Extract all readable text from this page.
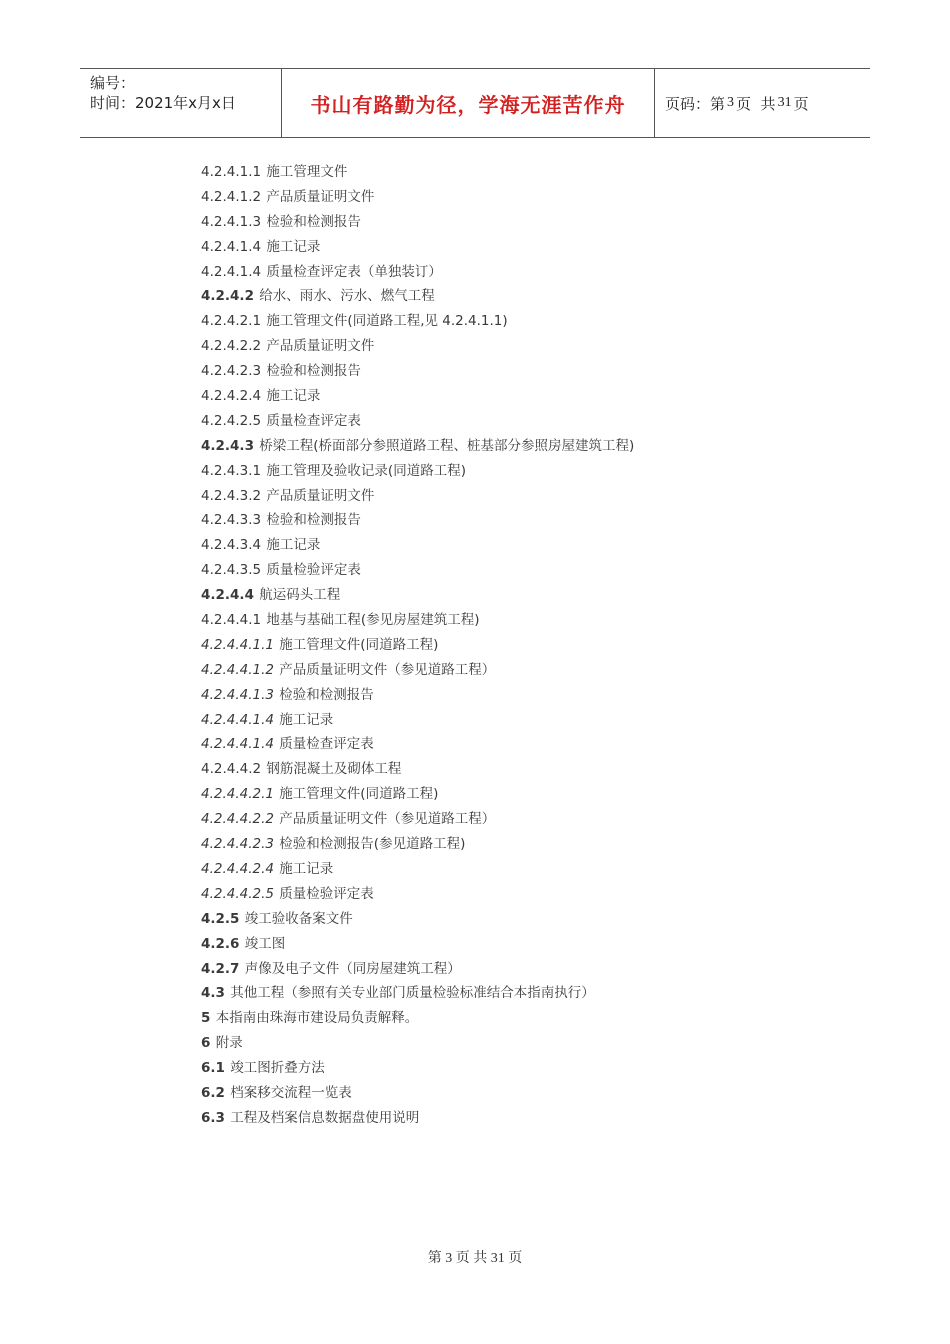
编号：
时间：2021年x月x日	书山有路勤为径，学海无涯苦作舟	页码：第 3 页  共 31 页
4.2.4.1.1 施工管理文件
4.2.4.1.2 产品质量证明文件
4.2.4.1.3 检验和检测报告
4.2.4.1.4 施工记录
4.2.4.1.4 质量检查评定表（单独装订）
4.2.4.2 给水、雨水、污水、燃气工程
4.2.4.2.1 施工管理文件(同道路工程,见 4.2.4.1.1)
4.2.4.2.2 产品质量证明文件
4.2.4.2.3 检验和检测报告
4.2.4.2.4 施工记录
4.2.4.2.5 质量检查评定表
4.2.4.3 桥梁工程(桥面部分参照道路工程、桩基部分参照房屋建筑工程)
4.2.4.3.1 施工管理及验收记录(同道路工程)
4.2.4.3.2 产品质量证明文件
4.2.4.3.3 检验和检测报告
4.2.4.3.4 施工记录
4.2.4.3.5 质量检验评定表
4.2.4.4 航运码头工程
4.2.4.4.1 地基与基础工程(参见房屋建筑工程)
4.2.4.4.1.1 施工管理文件(同道路工程)
4.2.4.4.1.2 产品质量证明文件（参见道路工程）
4.2.4.4.1.3 检验和检测报告
4.2.4.4.1.4 施工记录
4.2.4.4.1.4 质量检查评定表
4.2.4.4.2 钢筋混凝土及砌体工程
4.2.4.4.2.1 施工管理文件(同道路工程)
4.2.4.4.2.2 产品质量证明文件（参见道路工程）
4.2.4.4.2.3 检验和检测报告(参见道路工程)
4.2.4.4.2.4 施工记录
4.2.4.4.2.5 质量检验评定表
4.2.5 竣工验收备案文件
4.2.6 竣工图
4.2.7 声像及电子文件（同房屋建筑工程）
4.3 其他工程（参照有关专业部门质量检验标准结合本指南执行）
5 本指南由珠海市建设局负责解释。
6 附录
6.1 竣工图折叠方法
6.2 档案移交流程一览表
6.3 工程及档案信息数据盘使用说明
第 3 页 共 31 页
